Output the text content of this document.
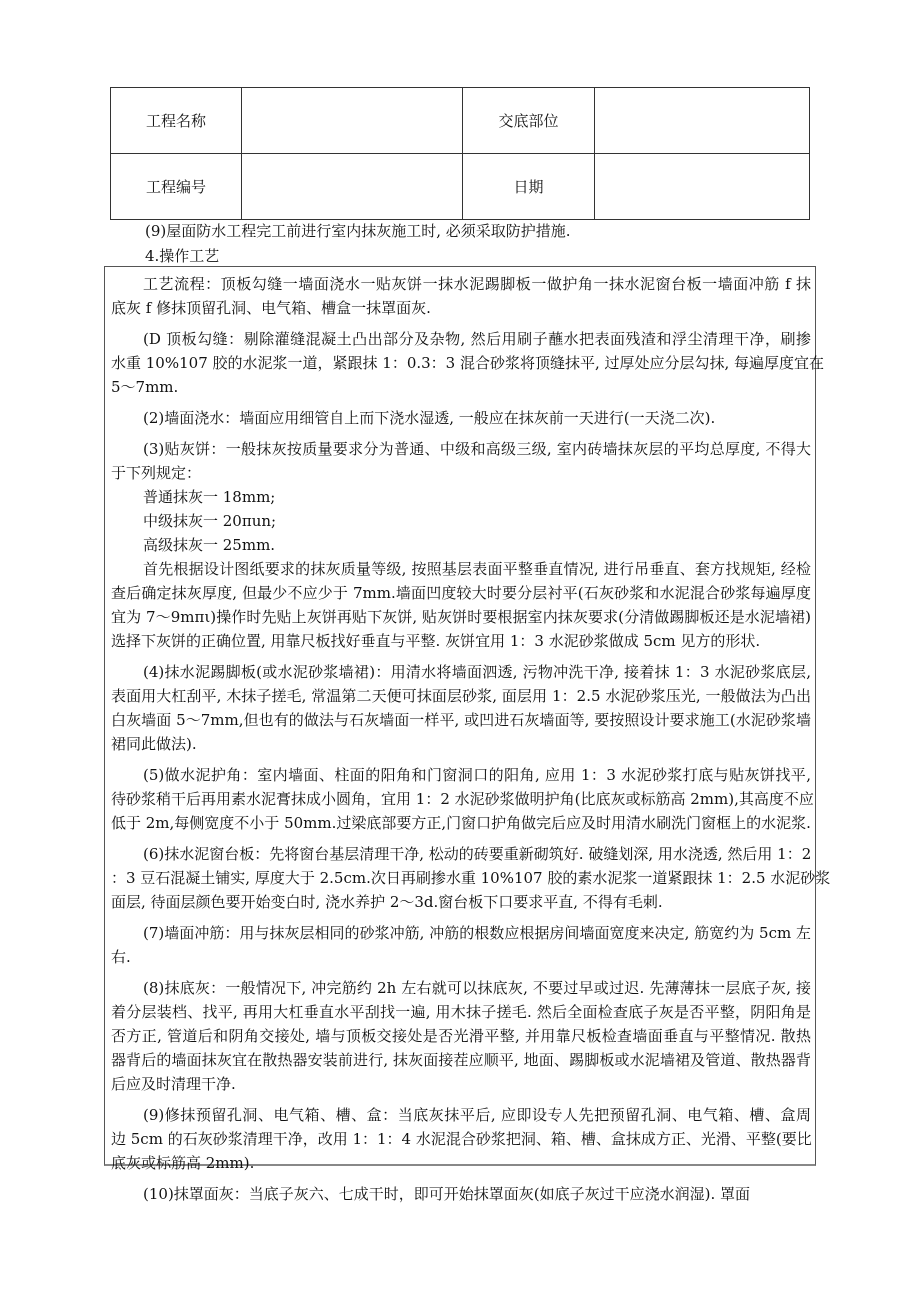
工程名称		交底部位	
工程编号		日期	
(9)屋面防水工程完工前进行室内抹灰施工时, 必须采取防护措施.
4.操作工艺
工艺流程：顶板勾缝一墙面浇水一贴灰饼一抹水泥踢脚板一做护角一抹水泥窗台板一墙面冲筋 f 抹
底灰 f 修抹顶留孔洞、电气箱、槽盒一抹罩面灰.
(D 顶板勾缝：剔除灌缝混凝土凸出部分及杂物, 然后用刷子蘸水把表面残渣和浮尘清理干净，刷掺
水重 10%107 胶的水泥浆一道，紧跟抹 1：0.3：3 混合砂浆将顶缝抹平, 过厚处应分层勾抹, 每遍厚度宜在
5～7mm.
(2)墙面浇水：墙面应用细管自上而下浇水湿透, 一般应在抹灰前一天进行(一天浇二次).
(3)贴灰饼：一般抹灰按质量要求分为普通、中级和高级三级, 室内砖墙抹灰层的平均总厚度, 不得大
于下列规定：
普通抹灰一 18mm;
中级抹灰一 20πun;
高级抹灰一 25mm.
首先根据设计图纸要求的抹灰质量等级, 按照基层表面平整垂直情况, 进行吊垂直、套方找规矩, 经检
查后确定抹灰厚度, 但最少不应少于 7mm.墙面凹度较大时要分层衬平(石灰砂浆和水泥混合砂浆每遍厚度
宜为 7～9mπι)操作时先贴上灰饼再贴下灰饼, 贴灰饼时要根据室内抹灰要求(分清做踢脚板还是水泥墙裙)
选择下灰饼的正确位置, 用靠尺板找好垂直与平整. 灰饼宜用 1：3 水泥砂浆做成 5cm 见方的形状.
(4)抹水泥踢脚板(或水泥砂浆墙裙)：用清水将墙面泗透, 污物冲洗干净, 接着抹 1：3 水泥砂浆底层,
表面用大杠刮平, 木抹子搓毛, 常温第二天便可抹面层砂浆, 面层用 1：2.5 水泥砂浆压光, 一般做法为凸出
白灰墙面 5～7mm,但也有的做法与石灰墙面一样平, 或凹进石灰墙面等, 要按照设计要求施工(水泥砂浆墙
裙同此做法).
(5)做水泥护角：室内墙面、柱面的阳角和门窗洞口的阳角, 应用 1：3 水泥砂浆打底与贴灰饼找平,
待砂浆稍干后再用素水泥膏抹成小圆角，宜用 1：2 水泥砂浆做明护角(比底灰或标筋高 2mm),其高度不应
低于 2m,每侧宽度不小于 50mm.过梁底部要方正,门窗口护角做完后应及时用清水刷洗门窗框上的水泥浆.
(6)抹水泥窗台板：先将窗台基层清理干净, 松动的砖要重新砌筑好. 破缝划深, 用水浇透, 然后用 1：2
：3 豆石混凝土铺实, 厚度大于 2.5cm.次日再刷掺水重 10%107 胶的素水泥浆一道紧跟抹 1：2.5 水泥砂浆
面层, 待面层颜色要开始变白时, 浇水养护 2～3d.窗台板下口要求平直, 不得有毛刺.
(7)墙面冲筋：用与抹灰层相同的砂浆冲筋, 冲筋的根数应根据房间墙面宽度来决定, 筋宽约为 5cm 左
右.
(8)抹底灰：一般情况下, 冲完筋约 2h 左右就可以抹底灰, 不要过早或过迟. 先薄薄抹一层底子灰, 接
着分层装档、找平, 再用大杠垂直水平刮找一遍, 用木抹子搓毛. 然后全面检查底子灰是否平整，阴阳角是
否方正, 管道后和阴角交接处, 墙与顶板交接处是否光滑平整, 并用靠尺板检查墙面垂直与平整情况. 散热
器背后的墙面抹灰宜在散热器安装前进行, 抹灰面接茬应顺平, 地面、踢脚板或水泥墙裙及管道、散热器背
后应及时清理干净.
(9)修抹预留孔洞、电气箱、槽、盒：当底灰抹平后, 应即设专人先把预留孔洞、电气箱、槽、盒周
边 5cm 的石灰砂浆清理干净，改用 1：1：4 水泥混合砂浆把洞、箱、槽、盒抹成方正、光滑、平整(要比
底灰或标筋高 2mm).
(10)抹罩面灰：当底子灰六、七成干时，即可开始抹罩面灰(如底子灰过干应浇水润湿). 罩面
